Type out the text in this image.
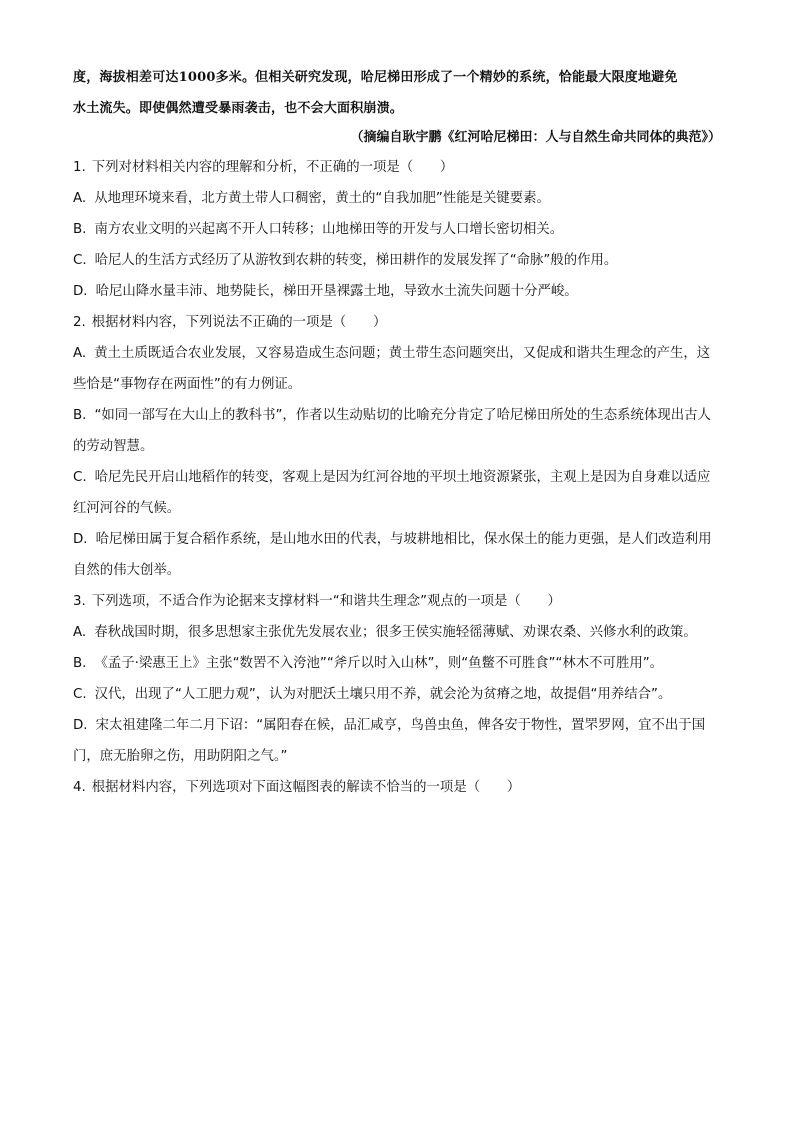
度，海拔相差可达1000多米。但相关研究发现，哈尼梯田形成了一个精妙的系统，恰能最大限度地避免

水土流失。即使偶然遭受暴雨袭击，也不会大面积崩溃。

（摘编自耿宇鹏《红河哈尼梯田：人与自然生命共同体的典范》）

1. 下列对材料相关内容的理解和分析，不正确的一项是（　　）

A. 从地理环境来看，北方黄土带人口稠密，黄土的“自我加肥”性能是关键要素。

B. 南方农业文明的兴起离不开人口转移；山地梯田等的开发与人口增长密切相关。

C. 哈尼人的生活方式经历了从游牧到农耕的转变，梯田耕作的发展发挥了“命脉”般的作用。

D. 哈尼山降水量丰沛、地势陡长，梯田开垦裸露土地，导致水土流失问题十分严峻。

2. 根据材料内容，下列说法不正确的一项是（　　）

A. 黄土土质既适合农业发展，又容易造成生态问题；黄土带生态问题突出，又促成和谐共生理念的产生，这些恰是“事物存在两面性”的有力例证。

B. “如同一部写在大山上的教科书”，作者以生动贴切的比喻充分肯定了哈尼梯田所处的生态系统体现出古人的劳动智慧。

C. 哈尼先民开启山地稻作的转变，客观上是因为红河谷地的平坝土地资源紧张，主观上是因为自身难以适应红河河谷的气候。

D. 哈尼梯田属于复合稻作系统，是山地水田的代表，与坡耕地相比，保水保土的能力更强，是人们改造利用自然的伟大创举。

3. 下列选项，不适合作为论据来支撑材料一“和谐共生理念”观点的一项是（　　）

A. 春秋战国时期，很多思想家主张优先发展农业；很多王侯实施轻徭薄赋、劝课农桑、兴修水利的政策。

B. 《孟子·梁惠王上》主张“数罟不入洿池”“斧斤以时入山林”，则“鱼鳖不可胜食”“林木不可胜用”。

C. 汉代，出现了“人工肥力观”，认为对肥沃土壤只用不养，就会沦为贫瘠之地，故提倡“用养结合”。

D. 宋太祖建隆二年二月下诏：“属阳春在候，品汇咸亨，鸟兽虫鱼，俾各安于物性，置罘罗网，宜不出于国门，庶无胎卵之伤，用助阴阳之气。”

4. 根据材料内容，下列选项对下面这幅图表的解读不恰当的一项是（　　）
